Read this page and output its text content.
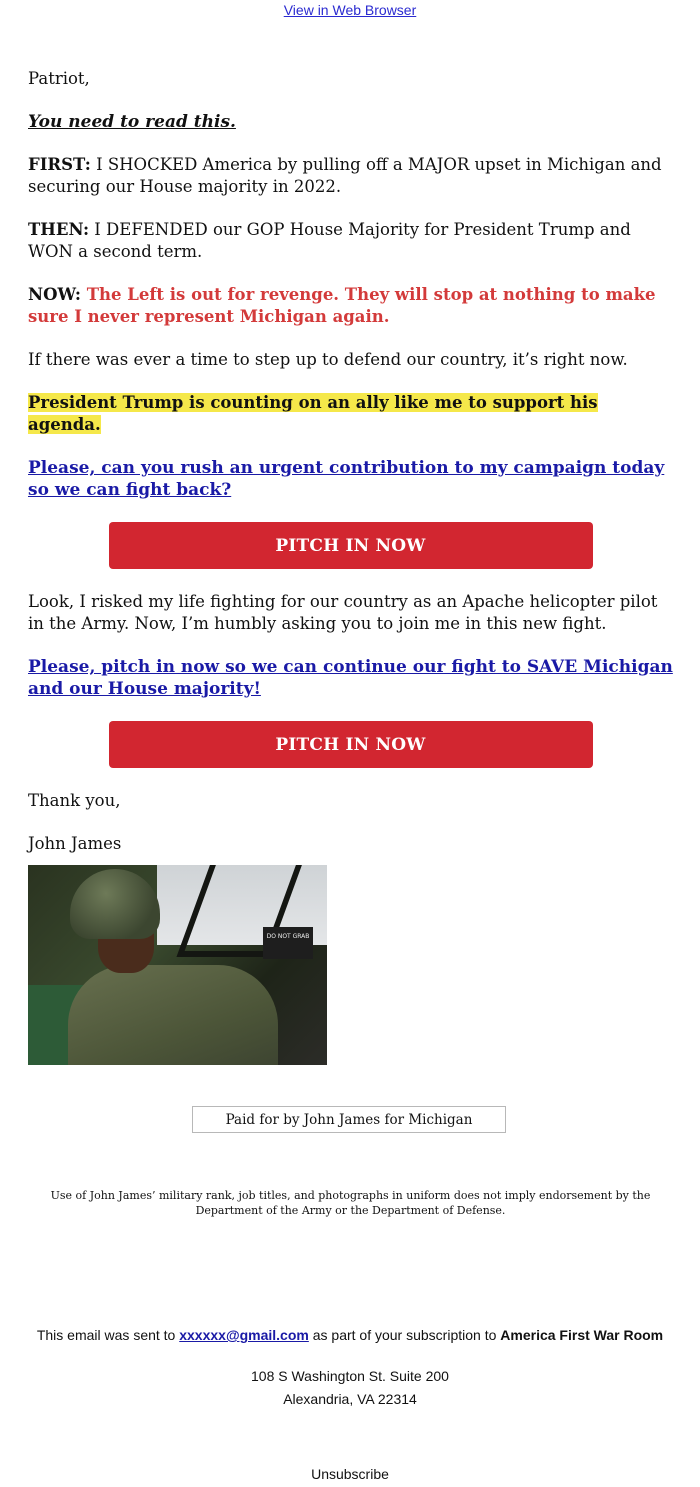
View in Web Browser

Patriot,

You need to read this.

FIRST: I SHOCKED America by pulling off a MAJOR upset in Michigan and securing our House majority in 2022.

THEN: I DEFENDED our GOP House Majority for President Trump and WON a second term.

NOW: The Left is out for revenge. They will stop at nothing to make sure I never represent Michigan again.

If there was ever a time to step up to defend our country, it’s right now.

President Trump is counting on an ally like me to support his agenda.

Please, can you rush an urgent contribution to my campaign today so we can fight back?

PITCH IN NOW

Look, I risked my life fighting for our country as an Apache helicopter pilot in the Army. Now, I’m humbly asking you to join me in this new fight.

Please, pitch in now so we can continue our fight to SAVE Michigan and our House majority!

PITCH IN NOW

Thank you,

John James

DO NOT GRAB
Paid for by John James for Michigan
Use of John James’ military rank, job titles, and photographs in uniform does not imply endorsement by the Department of the Army or the Department of Defense.
This email was sent to xxxxxx@gmail.com as part of your subscription to America First War Room
108 S Washington St. Suite 200
Alexandria, VA 22314
Unsubscribe
